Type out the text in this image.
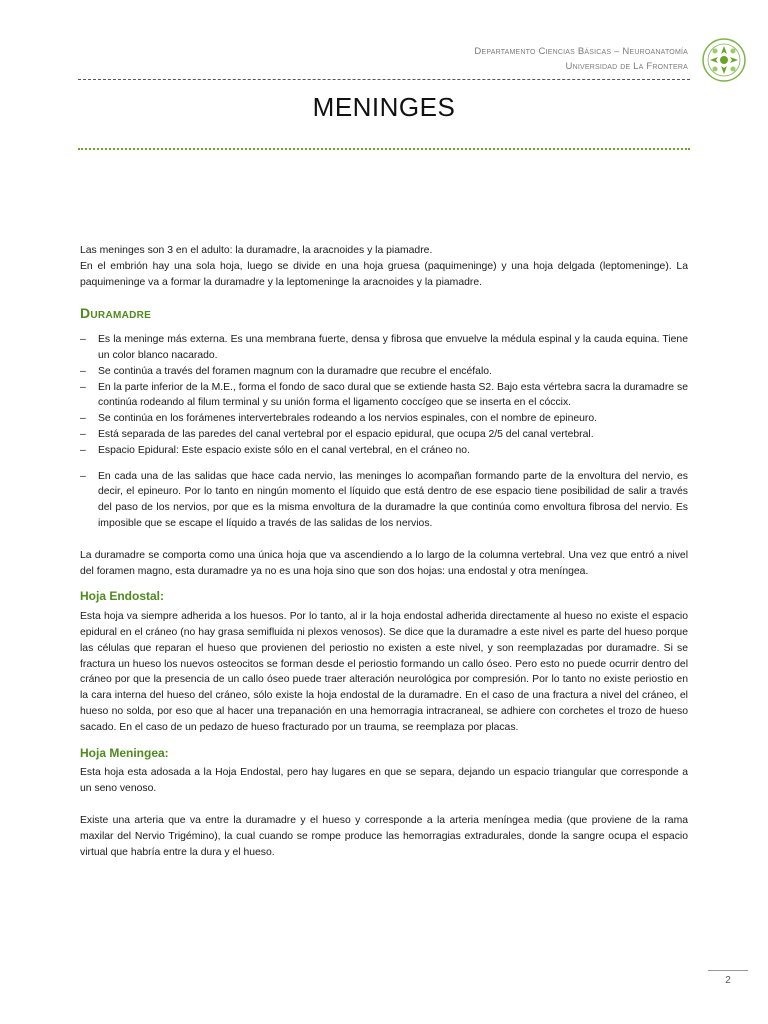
Departamento Ciencias Básicas – Neuroanatomía
Universidad de La Frontera
MENINGES

Las meninges son 3 en el adulto: la duramadre, la aracnoides y la piamadre.

En el embrión hay una sola hoja, luego se divide en una hoja gruesa (paquimeninge) y una hoja delgada (leptomeninge). La paquimeninge va a formar la duramadre y la leptomeninge la aracnoides y la piamadre.

Duramadre
– Es la meninge más externa. Es una membrana fuerte, densa y fibrosa que envuelve la médula espinal y la cauda equina. Tiene un color blanco nacarado.
– Se continúa a través del foramen magnum con la duramadre que recubre el encéfalo.
– En la parte inferior de la M.E., forma el fondo de saco dural que se extiende hasta S2. Bajo esta vértebra sacra la duramadre se continúa rodeando al filum terminal y su unión forma el ligamento coccígeo que se inserta en el cóccix.
– Se continúa en los forámenes intervertebrales rodeando a los nervios espinales, con el nombre de epineuro.
– Está separada de las paredes del canal vertebral por el espacio epidural, que ocupa 2/5 del canal vertebral.
– Espacio Epidural: Este espacio existe sólo en el canal vertebral, en el cráneo no.
– En cada una de las salidas que hace cada nervio, las meninges lo acompañan formando parte de la envoltura del nervio, es decir, el epineuro. Por lo tanto en ningún momento el líquido que está dentro de ese espacio tiene posibilidad de salir a través del paso de los nervios, por que es la misma envoltura de la duramadre la que continúa como envoltura fibrosa del nervio. Es imposible que se escape el líquido a través de las salidas de los nervios.

La duramadre se comporta como una única hoja que va ascendiendo a lo largo de la columna vertebral. Una vez que entró a nivel del foramen magno, esta duramadre ya no es una hoja sino que son dos hojas: una endostal y otra meníngea.

Hoja Endostal:

Esta hoja va siempre adherida a los huesos. Por lo tanto, al ir la hoja endostal adherida directamente al hueso no existe el espacio epidural en el cráneo (no hay grasa semifluida ni plexos venosos). Se dice que la duramadre a este nivel es parte del hueso porque las células que reparan el hueso que provienen del periostio no existen a este nivel, y son reemplazadas por duramadre. Si se fractura un hueso los nuevos osteocitos se forman desde el periostio formando un callo óseo. Pero esto no puede ocurrir dentro del cráneo por que la presencia de un callo óseo puede traer alteración neurológica por compresión. Por lo tanto no existe periostio en la cara interna del hueso del cráneo, sólo existe la hoja endostal de la duramadre. En el caso de una fractura a nivel del cráneo, el hueso no solda, por eso que al hacer una trepanación en una hemorragia intracraneal, se adhiere con corchetes el trozo de hueso sacado. En el caso de un pedazo de hueso fracturado por un trauma, se reemplaza por placas.

Hoja Meningea:

Esta hoja esta adosada a la Hoja Endostal, pero hay lugares en que se separa, dejando un espacio triangular que corresponde a un seno venoso.

Existe una arteria que va entre la duramadre y el hueso y corresponde a la arteria meníngea media (que proviene de la rama maxilar del Nervio Trigémino), la cual cuando se rompe produce las hemorragias extradurales, donde la sangre ocupa el espacio virtual que habría entre la dura y el hueso.

2
